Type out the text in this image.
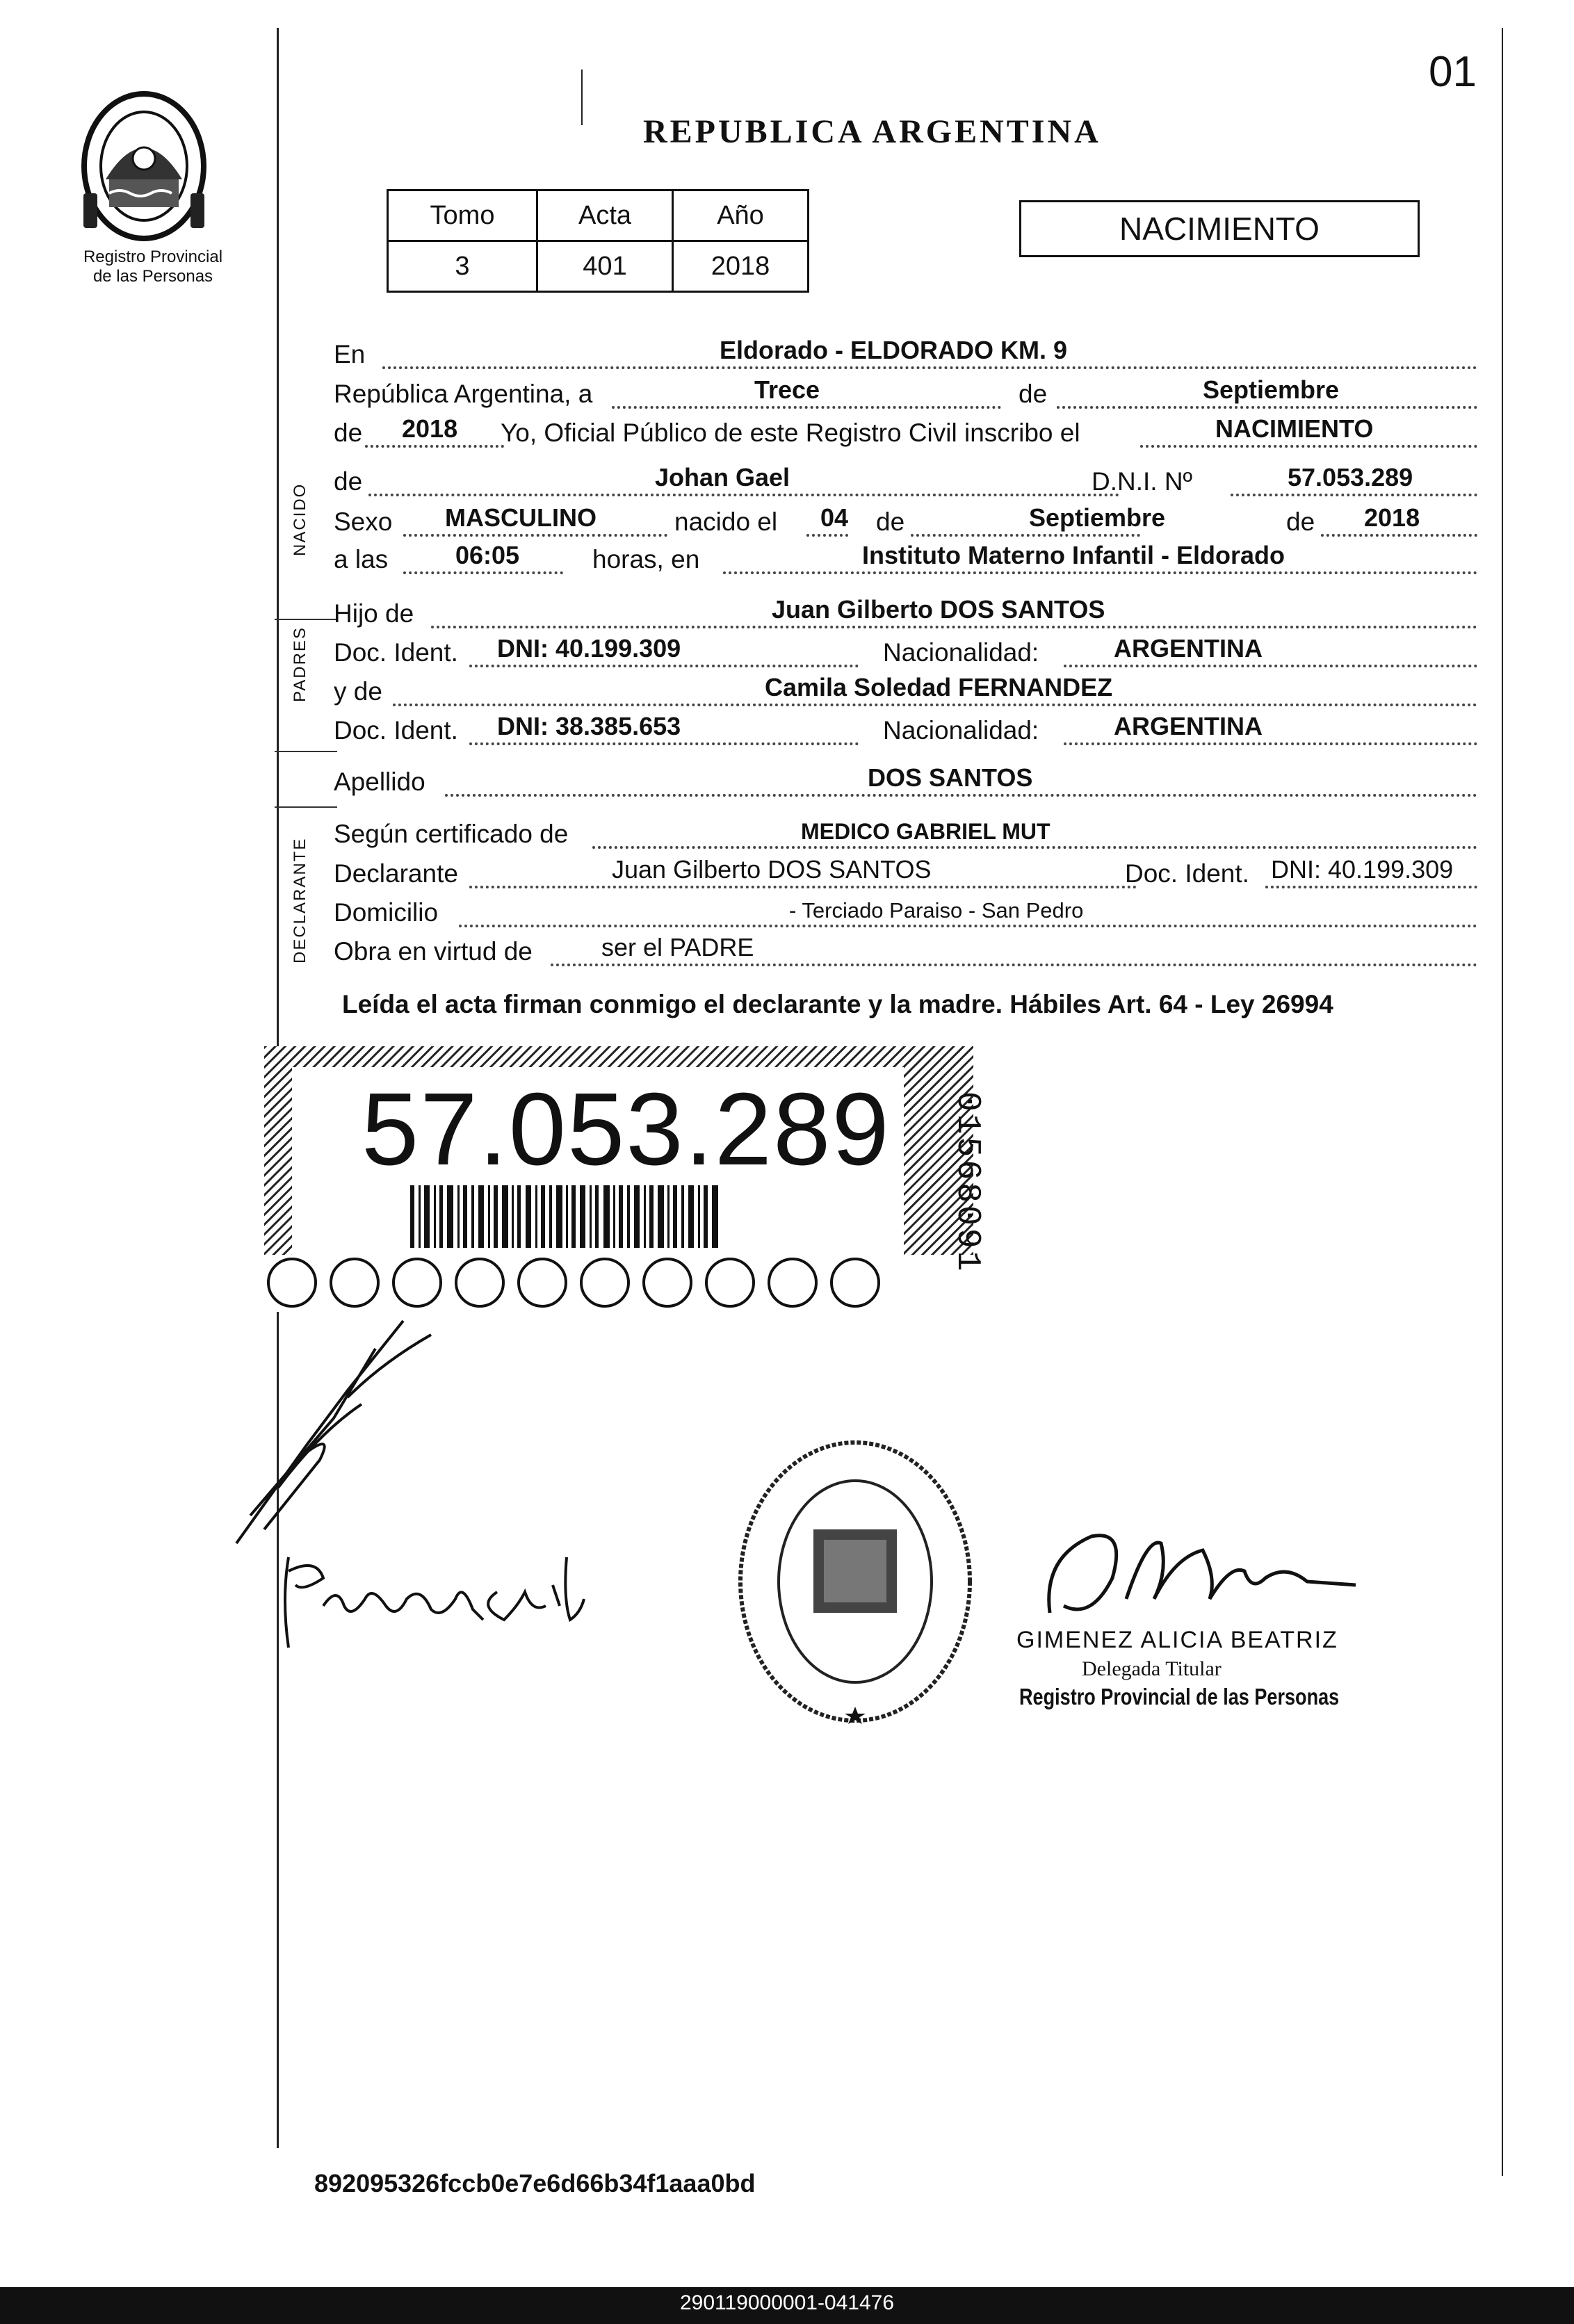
01
Registro Provincial
de las Personas
REPUBLICA ARGENTINA
Tomo	Acta	Año
3	401	2018
NACIMIENTO
En	Eldorado - ELDORADO KM. 9
República Argentina, a	Trece	de	Septiembre
de 2018 Yo, Oficial Público de este Registro Civil inscribo el	NACIMIENTO
NACIDO
de	Johan Gael	D.N.I. Nº	57.053.289
Sexo MASCULINO	nacido el 04 de	Septiembre	de 2018
a las	06:05	horas, en	Instituto Materno Infantil - Eldorado
PADRES
Hijo de	Juan Gilberto DOS SANTOS
Doc. Ident. DNI: 40.199.309	Nacionalidad:	ARGENTINA
y de	Camila Soledad FERNANDEZ
Doc. Ident. DNI: 38.385.653	Nacionalidad:	ARGENTINA
Apellido	DOS SANTOS
DECLARANTE
Según certificado de	MEDICO GABRIEL MUT
Declarante	Juan Gilberto DOS SANTOS	Doc. Ident. DNI: 40.199.309
Domicilio	- Terciado Paraiso - San Pedro
Obra en virtud de	ser el PADRE
Leída el acta firman conmigo el declarante y la madre. Hábiles Art. 64 - Ley 26994
57.053.289 01568091
GIMENEZ ALICIA BEATRIZ
Delegada Titular
Registro Provincial de las Personas
892095326fccb0e7e6d66b34f1aaa0bd
290119000001-041476
